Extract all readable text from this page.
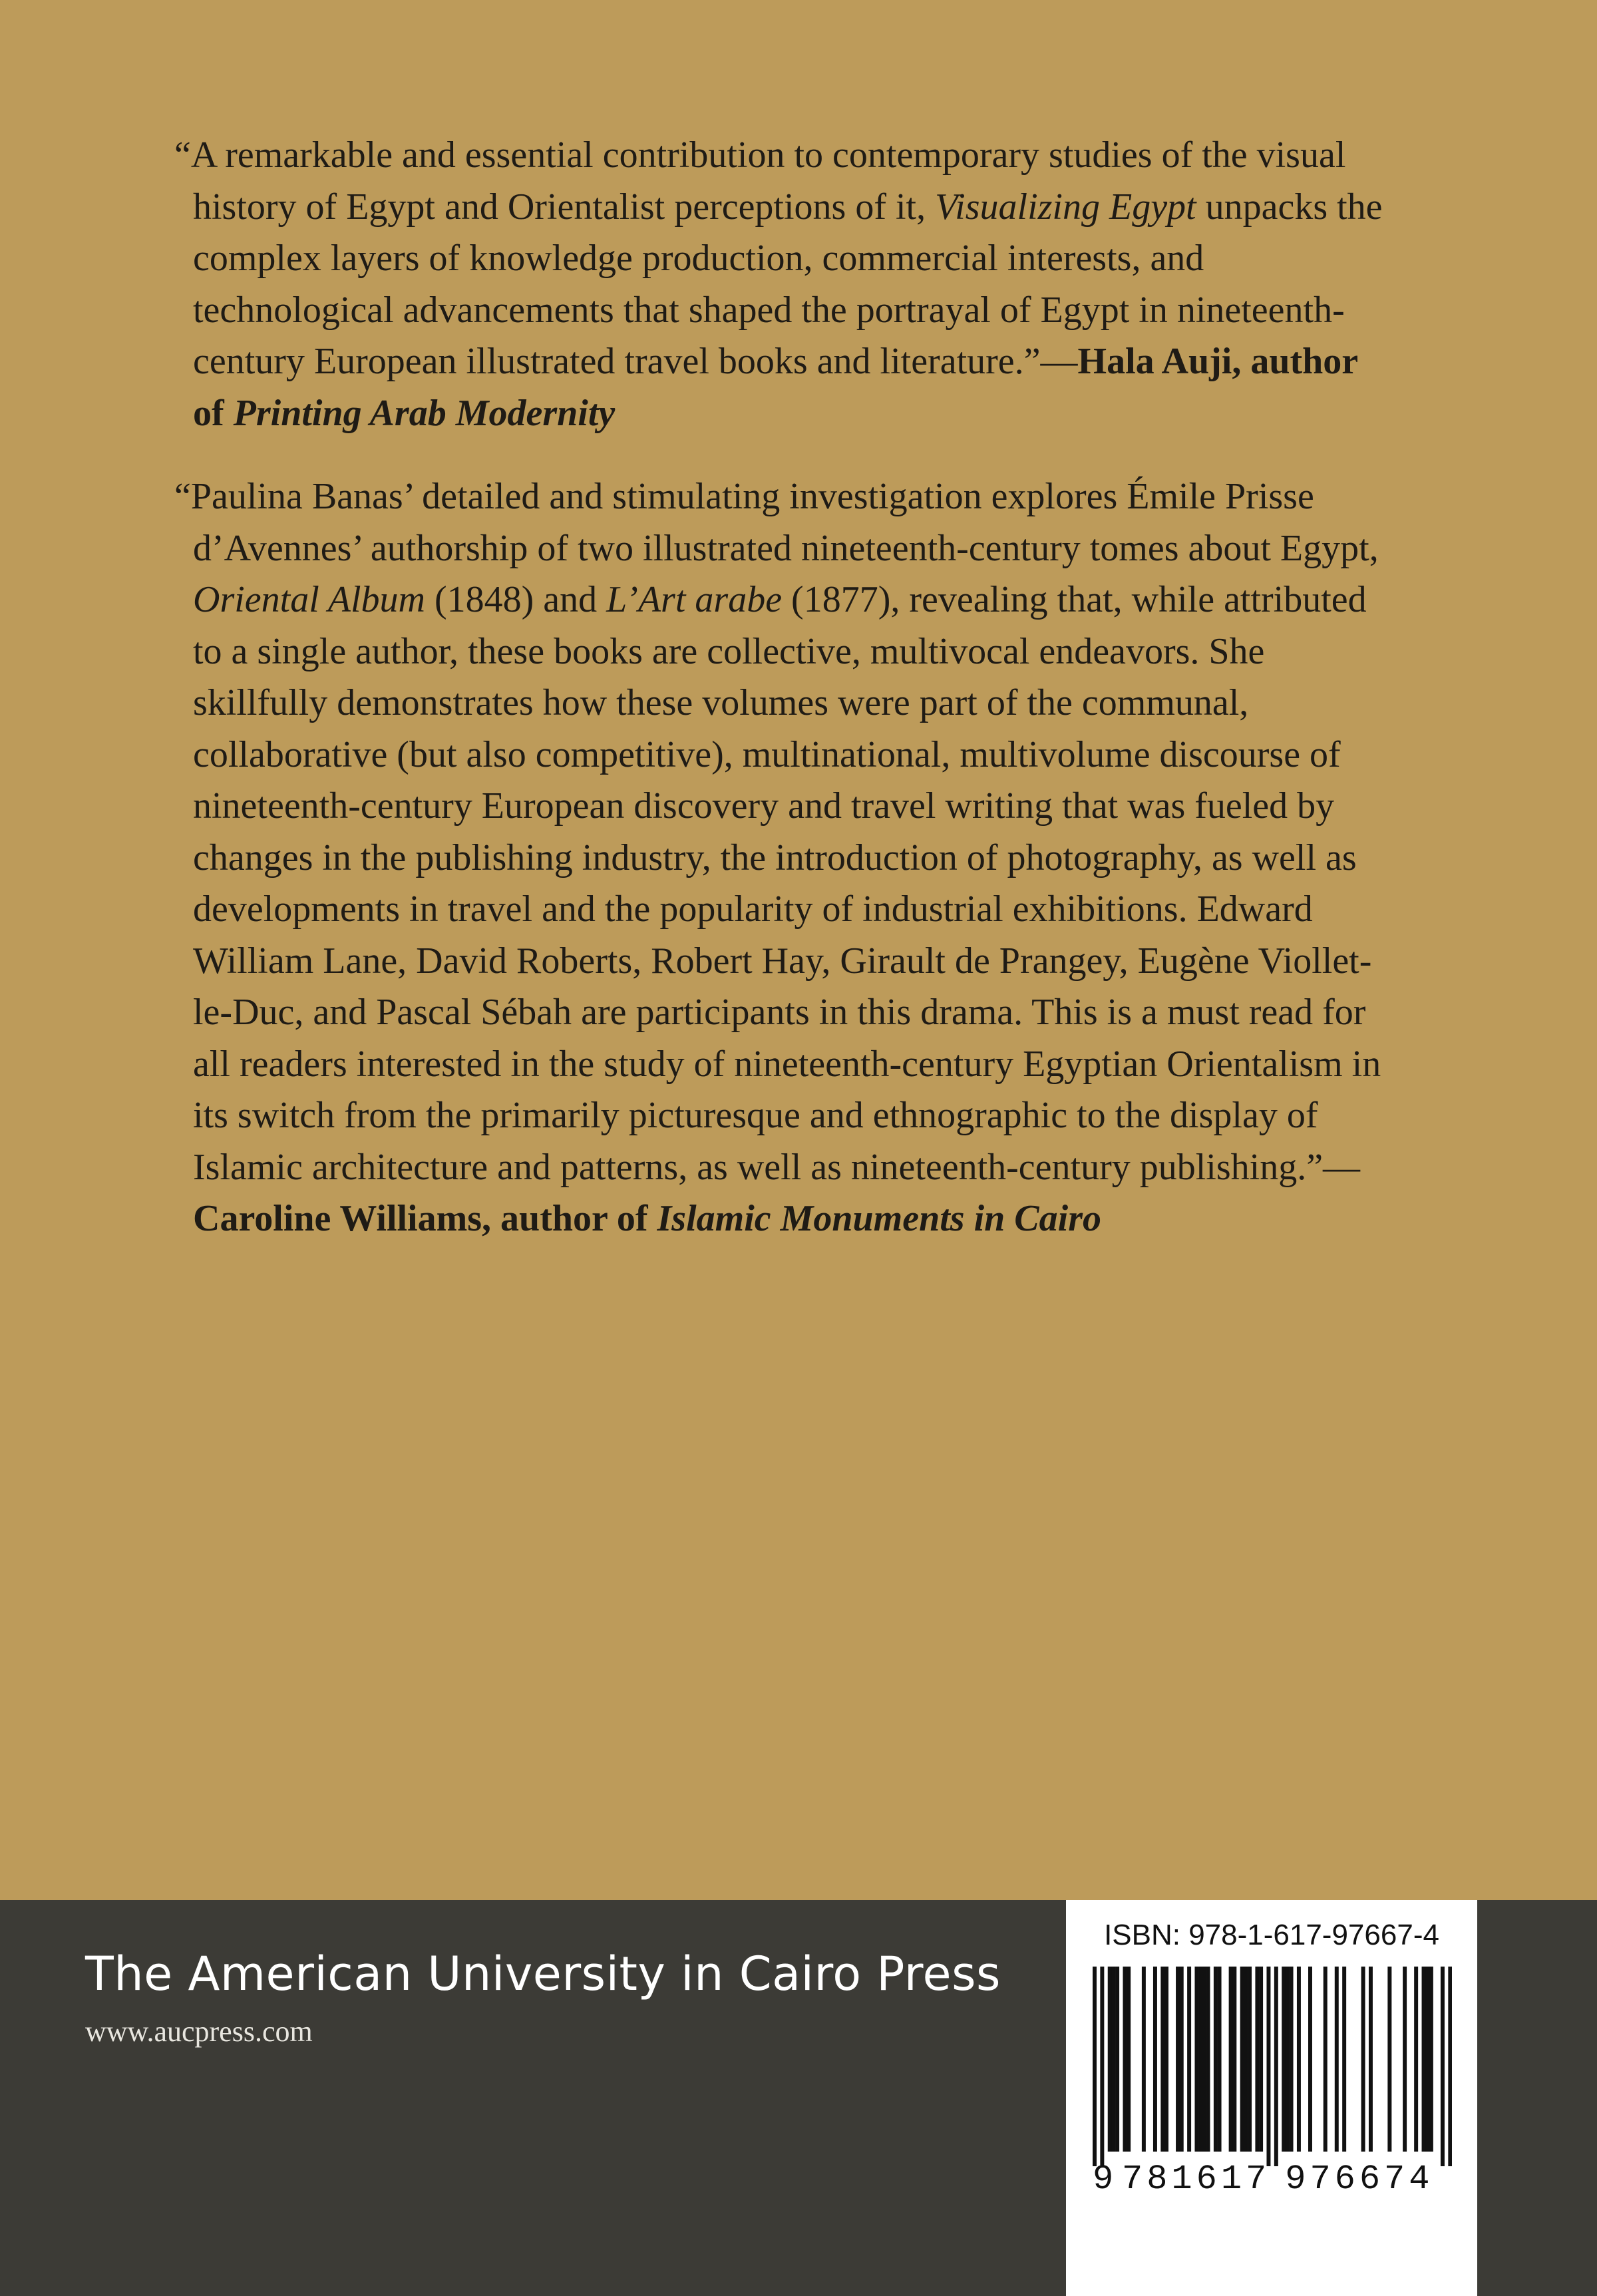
“A remarkable and essential contribution to contemporary studies of the visual history of Egypt and Orientalist perceptions of it, Visualizing Egypt unpacks the complex layers of knowledge production, commercial interests, and technological advancements that shaped the portrayal of Egypt in nineteenth-century European illustrated travel books and literature.”—Hala Auji, author of Printing Arab Modernity

“Paulina Banas’ detailed and stimulating investigation explores Émile Prisse d’Avennes’ authorship of two illustrated nineteenth-century tomes about Egypt, Oriental Album (1848) and L’Art arabe (1877), revealing that, while attributed to a single author, these books are collective, multivocal endeavors. She skillfully demonstrates how these volumes were part of the communal, collaborative (but also competitive), multinational, multivolume discourse of nineteenth-century European discovery and travel writing that was fueled by changes in the publishing industry, the introduction of photography, as well as developments in travel and the popularity of industrial exhibitions. Edward William Lane, David Roberts, Robert Hay, Girault de Prangey, Eugène Viollet-le-Duc, and Pascal Sébah are participants in this drama. This is a must read for all readers interested in the study of nineteenth-century Egyptian Orientalism in its switch from the primarily picturesque and ethnographic to the display of Islamic architecture and patterns, as well as nineteenth-century publishing.”—Caroline Williams, author of Islamic Monuments in Cairo

The American University in Cairo Press
www.aucpress.com
ISBN: 978-1-617-97667-4
9 781617 976674
